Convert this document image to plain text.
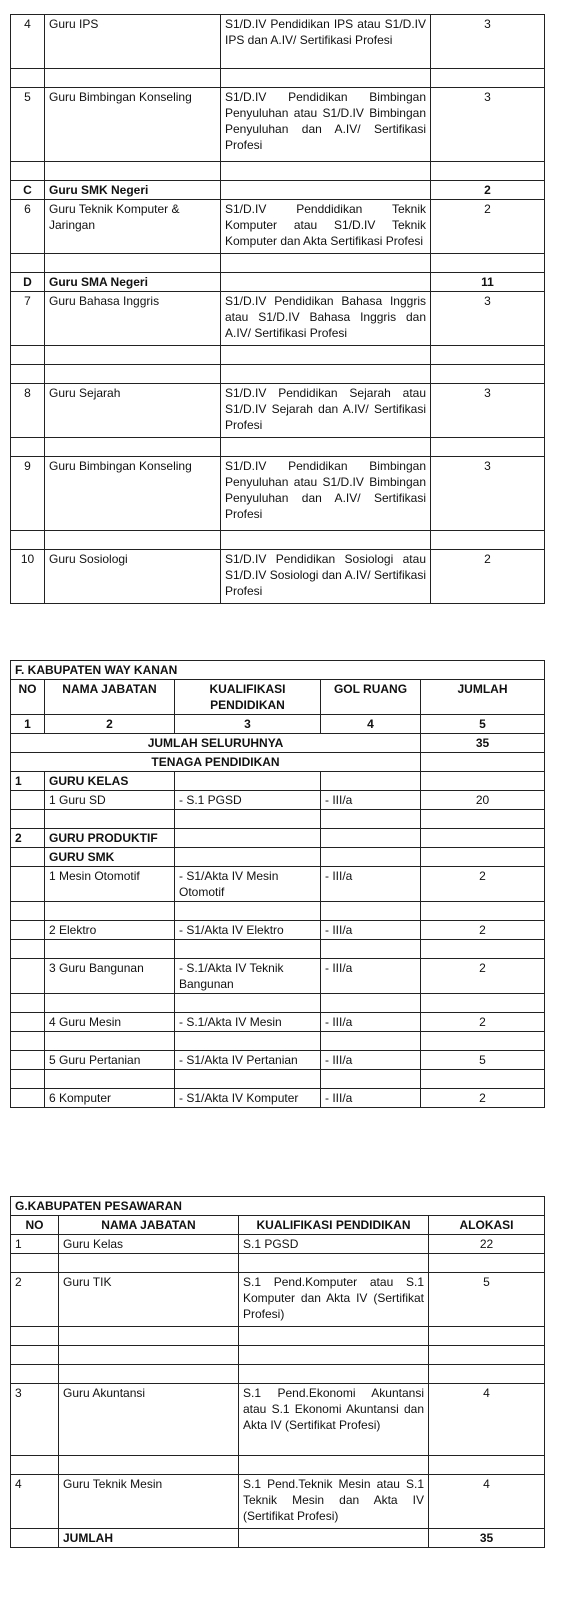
4	Guru IPS	S1/D.IV Pendidikan IPS atau S1/D.IV IPS dan A.IV/ Sertifikasi Profesi	3

5	Guru Bimbingan Konseling	S1/D.IV Pendidikan Bimbingan Penyuluhan atau S1/D.IV Bimbingan Penyuluhan dan A.IV/ Sertifikasi Profesi	3

C	Guru SMK Negeri		2
6	Guru Teknik Komputer & Jaringan	S1/D.IV Penddidikan Teknik Komputer atau S1/D.IV Teknik Komputer dan Akta Sertifikasi Profesi	2

D	Guru SMA Negeri		11
7	Guru Bahasa Inggris	S1/D.IV Pendidikan Bahasa Inggris atau S1/D.IV Bahasa Inggris dan A.IV/ Sertifikasi Profesi	3

8	Guru Sejarah	S1/D.IV Pendidikan Sejarah atau S1/D.IV Sejarah dan A.IV/ Sertifikasi Profesi	3

9	Guru Bimbingan Konseling	S1/D.IV Pendidikan Bimbingan Penyuluhan atau S1/D.IV Bimbingan Penyuluhan dan A.IV/ Sertifikasi Profesi	3

10	Guru Sosiologi	S1/D.IV Pendidikan Sosiologi atau S1/D.IV Sosiologi dan A.IV/ Sertifikasi Profesi	2
F. KABUPATEN WAY KANAN				
NO	NAMA JABATAN	KUALIFIKASI PENDIDIKAN	GOL RUANG	JUMLAH
1	2	3	4	5
JUMLAH SELURUHNYA				35
TENAGA PENDIDIKAN				
1	GURU KELAS			
	1 Guru SD	- S.1 PGSD	- III/a	20

2	GURU PRODUKTIF			
	GURU SMK			
	1 Mesin Otomotif	- S1/Akta IV Mesin Otomotif	- III/a	2

	2 Elektro	- S1/Akta IV Elektro	- III/a	2

	3 Guru Bangunan	- S.1/Akta IV Teknik Bangunan	- III/a	2

	4 Guru Mesin	- S.1/Akta IV Mesin	- III/a	2

	5 Guru Pertanian	- S1/Akta IV Pertanian	- III/a	5

	6 Komputer	- S1/Akta IV Komputer	- III/a	2
G.KABUPATEN PESAWARAN			
NO	NAMA JABATAN	KUALIFIKASI PENDIDIKAN	ALOKASI
1	Guru Kelas	S.1 PGSD	22

2	Guru TIK	S.1 Pend.Komputer atau S.1 Komputer dan Akta IV (Sertifikat Profesi)	5

3	Guru Akuntansi	S.1 Pend.Ekonomi Akuntansi atau S.1 Ekonomi Akuntansi dan Akta IV (Sertifikat Profesi)	4

4	Guru Teknik Mesin	S.1 Pend.Teknik Mesin atau S.1 Teknik Mesin dan Akta IV (Sertifikat Profesi)	4
	JUMLAH		35
